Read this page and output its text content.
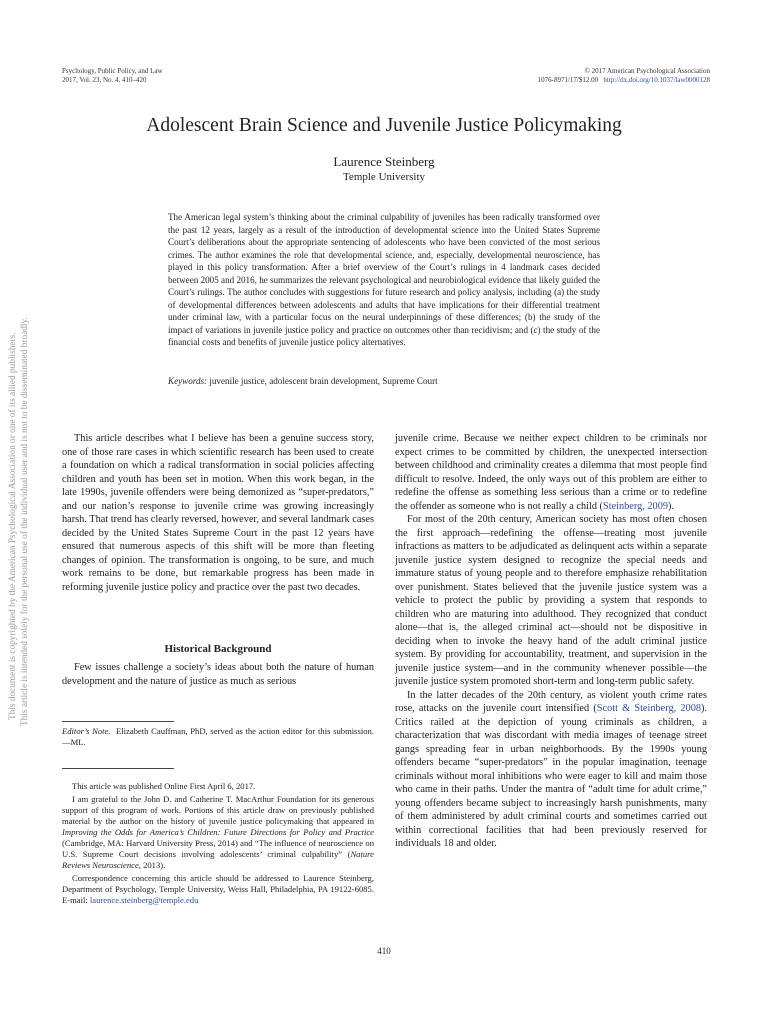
Psychology, Public Policy, and Law
2017, Vol. 23, No. 4, 410–420
© 2017 American Psychological Association
1076-8971/17/$12.00 http://dx.doi.org/10.1037/law0000128
Adolescent Brain Science and Juvenile Justice Policymaking
Laurence Steinberg
Temple University
The American legal system’s thinking about the criminal culpability of juveniles has been radically transformed over the past 12 years, largely as a result of the introduction of developmental science into the United States Supreme Court’s deliberations about the appropriate sentencing of adolescents who have been convicted of the most serious crimes. The author examines the role that developmental science, and, especially, developmental neuroscience, has played in this policy transformation. After a brief overview of the Court’s rulings in 4 landmark cases decided between 2005 and 2016, he summarizes the relevant psychological and neurobiological evidence that likely guided the Court’s rulings. The author concludes with suggestions for future research and policy analysis, including (a) the study of developmental differences between adolescents and adults that have implications for their differential treatment under criminal law, with a particular focus on the neural underpinnings of these differences; (b) the study of the impact of variations in juvenile justice policy and practice on outcomes other than recidivism; and (c) the study of the financial costs and benefits of juvenile justice policy alternatives.
Keywords: juvenile justice, adolescent brain development, Supreme Court

This article describes what I believe has been a genuine success story, one of those rare cases in which scientific research has been used to create a foundation on which a radical transformation in social policies affecting children and youth has been set in motion. When this work began, in the late 1990s, juvenile offenders were being demonized as “super-predators,” and our nation’s response to juvenile crime was growing increasingly harsh. That trend has clearly reversed, however, and several landmark cases decided by the United States Supreme Court in the past 12 years have ensured that numerous aspects of this shift will be more than fleeting changes of opinion. The transformation is ongoing, to be sure, and much work remains to be done, but remarkable progress has been made in reforming juvenile justice policy and practice over the past two decades.

Historical Background

Few issues challenge a society’s ideas about both the nature of human development and the nature of justice as much as serious

Editor’s Note. Elizabeth Cauffman, PhD, served as the action editor for this submission.—ML.

This article was published Online First April 6, 2017.

I am grateful to the John D. and Catherine T. MacArthur Foundation for its generous support of this program of work. Portions of this article draw on previously published material by the author on the history of juvenile justice policymaking that appeared in Improving the Odds for America’s Children: Future Directions for Policy and Practice (Cambridge, MA: Harvard University Press, 2014) and “The influence of neuroscience on U.S. Supreme Court decisions involving adolescents’ criminal culpability” (Nature Reviews Neuroscience, 2013).

Correspondence concerning this article should be addressed to Laurence Steinberg, Department of Psychology, Temple University, Weiss Hall, Philadelphia, PA 19122-6085. E-mail: laurence.steinberg@temple.edu

juvenile crime. Because we neither expect children to be criminals nor expect crimes to be committed by children, the unexpected intersection between childhood and criminality creates a dilemma that most people find difficult to resolve. Indeed, the only ways out of this problem are either to redefine the offense as something less serious than a crime or to redefine the offender as someone who is not really a child (Steinberg, 2009).

For most of the 20th century, American society has most often chosen the first approach—redefining the offense—treating most juvenile infractions as matters to be adjudicated as delinquent acts within a separate juvenile justice system designed to recognize the special needs and immature status of young people and to therefore emphasize rehabilitation over punishment. States believed that the juvenile justice system was a vehicle to protect the public by providing a system that responds to children who are maturing into adulthood. They recognized that conduct alone—that is, the alleged criminal act—should not be dispositive in deciding when to invoke the heavy hand of the adult criminal justice system. By providing for accountability, treatment, and supervision in the juvenile justice system—and in the community whenever possible—the juvenile justice system promoted short-term and long-term public safety.

In the latter decades of the 20th century, as violent youth crime rates rose, attacks on the juvenile court intensified (Scott & Steinberg, 2008). Critics railed at the depiction of young criminals as children, a characterization that was discordant with media images of teenage street gangs spreading fear in urban neighborhoods. By the 1990s young offenders became “super-predators” in the popular imagination, teenage criminals without moral inhibitions who were eager to kill and maim those who came in their paths. Under the mantra of “adult time for adult crime,” young offenders became subject to increasingly harsh punishments, many of them administered by adult criminal courts and sometimes carried out within correctional facilities that had been previously reserved for individuals 18 and older.

410
This document is copyrighted by the American Psychological Association or one of its allied publishers. This article is intended solely for the personal use of the individual user and is not to be disseminated broadly.
